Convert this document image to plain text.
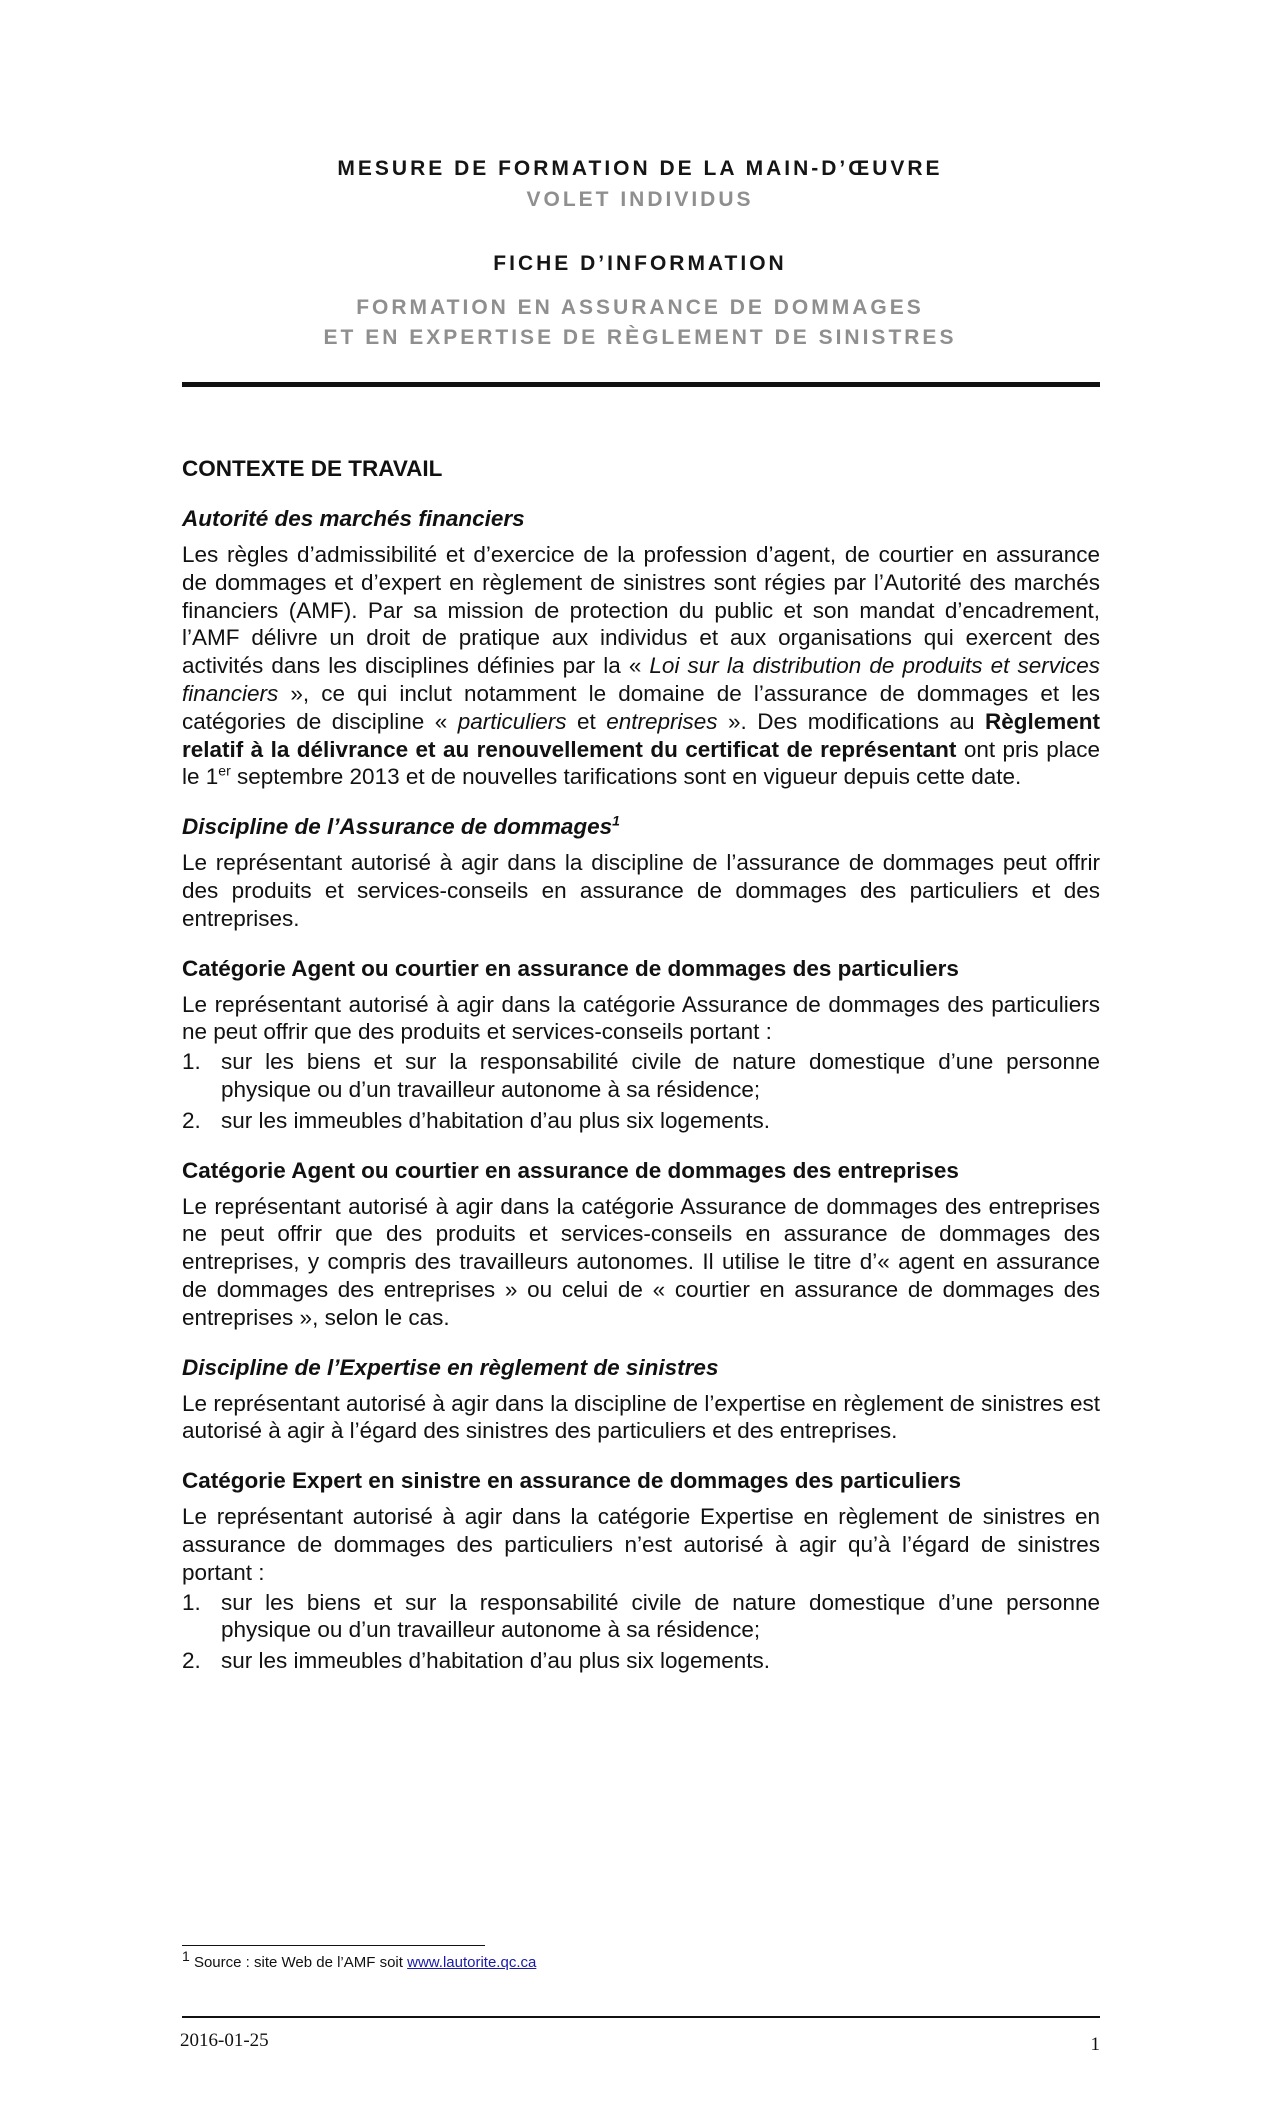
MESURE DE FORMATION DE LA MAIN-D’ŒUVRE
VOLET INDIVIDUS
FICHE D’INFORMATION
FORMATION EN ASSURANCE DE DOMMAGES
ET EN EXPERTISE DE RÈGLEMENT DE SINISTRES
CONTEXTE DE TRAVAIL
Autorité des marchés financiers

Les règles d’admissibilité et d’exercice de la profession d’agent, de courtier en assurance de dommages et d’expert en règlement de sinistres sont régies par l’Autorité des marchés financiers (AMF). Par sa mission de protection du public et son mandat d’encadrement, l’AMF délivre un droit de pratique aux individus et aux organisations qui exercent des activités dans les disciplines définies par la « Loi sur la distribution de produits et services financiers », ce qui inclut notamment le domaine de l’assurance de dommages et les catégories de discipline « particuliers et entreprises ». Des modifications au Règlement relatif à la délivrance et au renouvellement du certificat de représentant ont pris place le 1er septembre 2013 et de nouvelles tarifications sont en vigueur depuis cette date.

Discipline de l’Assurance de dommages$^1$

Le représentant autorisé à agir dans la discipline de l’assurance de dommages peut offrir des produits et services-conseils en assurance de dommages des particuliers et des entreprises.

Catégorie Agent ou courtier en assurance de dommages des particuliers

Le représentant autorisé à agir dans la catégorie Assurance de dommages des particuliers ne peut offrir que des produits et services-conseils portant :

1. sur les biens et sur la responsabilité civile de nature domestique d’une personne physique ou d’un travailleur autonome à sa résidence;
2. sur les immeubles d’habitation d’au plus six logements.
Catégorie Agent ou courtier en assurance de dommages des entreprises

Le représentant autorisé à agir dans la catégorie Assurance de dommages des entreprises ne peut offrir que des produits et services-conseils en assurance de dommages des entreprises, y compris des travailleurs autonomes. Il utilise le titre d’« agent en assurance de dommages des entreprises » ou celui de « courtier en assurance de dommages des entreprises », selon le cas.

Discipline de l’Expertise en règlement de sinistres

Le représentant autorisé à agir dans la discipline de l’expertise en règlement de sinistres est autorisé à agir à l’égard des sinistres des particuliers et des entreprises.

Catégorie Expert en sinistre en assurance de dommages des particuliers

Le représentant autorisé à agir dans la catégorie Expertise en règlement de sinistres en assurance de dommages des particuliers n’est autorisé à agir qu’à l’égard de sinistres portant :

1. sur les biens et sur la responsabilité civile de nature domestique d’une personne physique ou d’un travailleur autonome à sa résidence;
2. sur les immeubles d’habitation d’au plus six logements.
$^1$ Source : site Web de l’AMF soit www.lautorite.qc.ca
2016-01-25	1
